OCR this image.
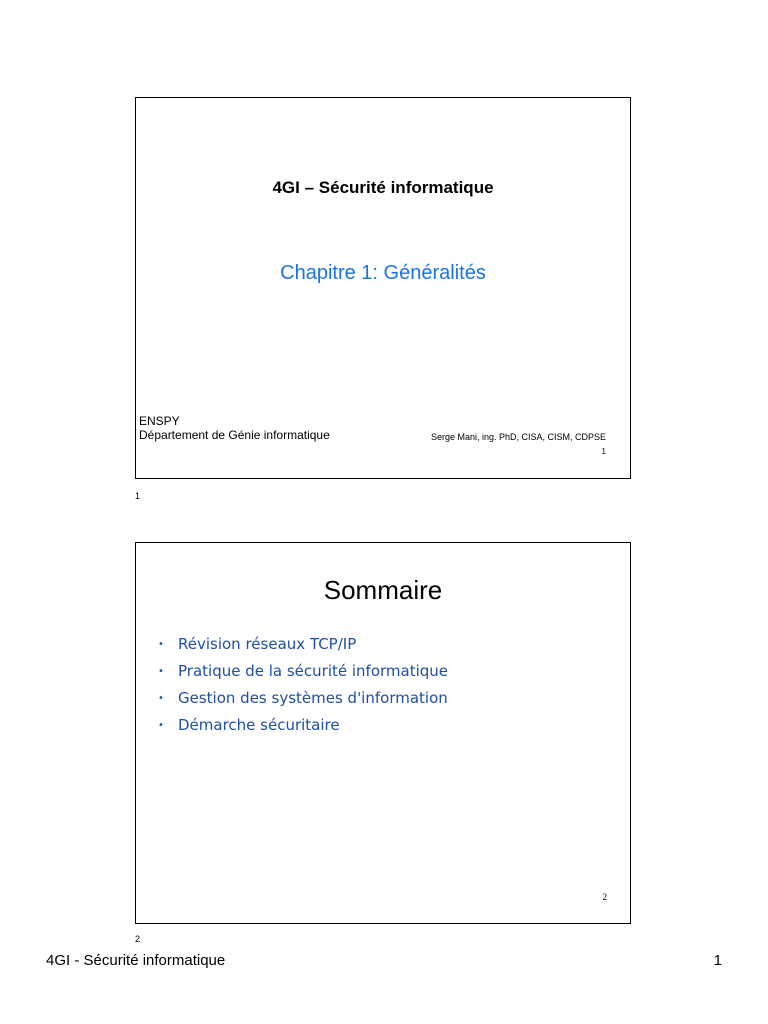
4GI – Sécurité informatique
Chapitre 1: Généralités
ENSPY
Département de Génie informatique	Serge Mani, ing. PhD, CISA, CISM, CDPSE
1
1
Sommaire
• Révision réseaux TCP/IP
• Pratique de la sécurité informatique
• Gestion des systèmes d'information
• Démarche sécuritaire
2
2
4GI - Sécurité informatique	1
